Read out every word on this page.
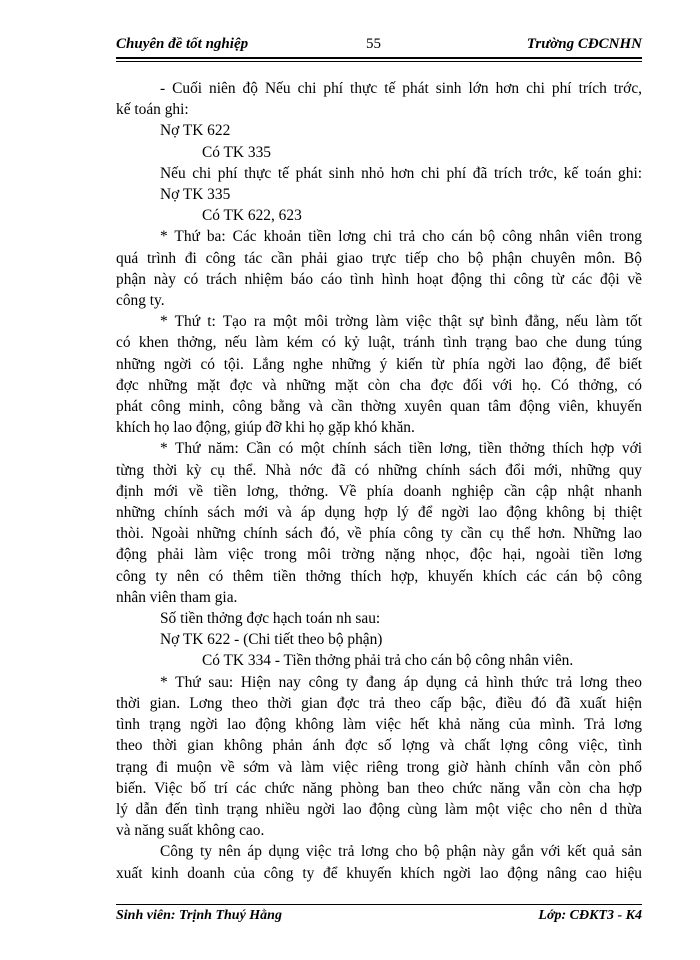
Chuyên đề tốt nghiệp	55	Trường CĐCNHN

- Cuối niên độ Nếu chi phí thực tế phát sinh lớn hơn chi phí trích trớc,

kế toán ghi:

Nợ TK 622

Có TK 335

Nếu chi phí thực tế phát sinh nhỏ hơn chi phí đã trích trớc, kế toán ghi:

Nợ TK 335

Có TK 622, 623

* Thứ ba: Các khoản tiền lơng chi trả cho cán bộ công nhân viên trong

quá trình đi công tác cần phải giao trực tiếp cho bộ phận chuyên môn. Bộ

phận này có trách nhiệm báo cáo tình hình hoạt động thi công từ các đội về

công ty.

* Thứ t: Tạo ra một môi trờng làm việc thật sự bình đẳng, nếu làm tốt

có khen thởng, nếu làm kém có kỷ luật, tránh tình trạng bao che dung túng

những ngời có tội. Lắng nghe những ý kiến từ phía ngời lao động, để biết

đợc những mặt đợc và những mặt còn cha đợc đối với họ. Có thởng, có

phát công minh, công bằng và cần thờng xuyên quan tâm động viên, khuyến

khích họ lao động, giúp đỡ khi họ gặp khó khăn.

* Thứ năm: Cần có một chính sách tiền lơng, tiền thởng thích hợp với

từng thời kỳ cụ thể. Nhà nớc đã có những chính sách đổi mới, những quy

định mới về tiền lơng, thởng. Về phía doanh nghiệp cần cập nhật nhanh

những chính sách mới và áp dụng hợp lý để ngời lao động không bị thiệt

thòi. Ngoài những chính sách đó, về phía công ty cần cụ thể hơn. Những lao

động phải làm việc trong môi trờng nặng nhọc, độc hại, ngoài tiền lơng

công ty nên có thêm tiền thởng thích hợp, khuyến khích các cán bộ công

nhân viên tham gia.

Số tiền thởng đợc hạch toán nh sau:

Nợ TK 622 - (Chi tiết theo bộ phận)

Có TK 334 - Tiền thởng phải trả cho cán bộ công nhân viên.

* Thứ sau: Hiện nay công ty đang áp dụng cả hình thức trả lơng theo

thời gian. Lơng theo thời gian đợc trả theo cấp bậc, điều đó đã xuất hiện

tình trạng ngời lao động không làm việc hết khả năng của mình. Trả lơng

theo thời gian không phản ánh đợc số lợng và chất lợng công việc, tình

trạng đi muộn về sớm và làm việc riêng trong giờ hành chính vẫn còn phổ

biến. Việc bố trí các chức năng phòng ban theo chức năng vẫn còn cha hợp

lý dẫn đến tình trạng nhiều ngời lao động cùng làm một việc cho nên d thừa

và năng suất không cao.

Công ty nên áp dụng việc trả lơng cho bộ phận này gắn với kết quả sản

xuất kinh doanh của công ty để khuyến khích ngời lao động nâng cao hiệu

Sinh viên: Trịnh Thuý Hằng	Lớp: CĐKT3 - K4
